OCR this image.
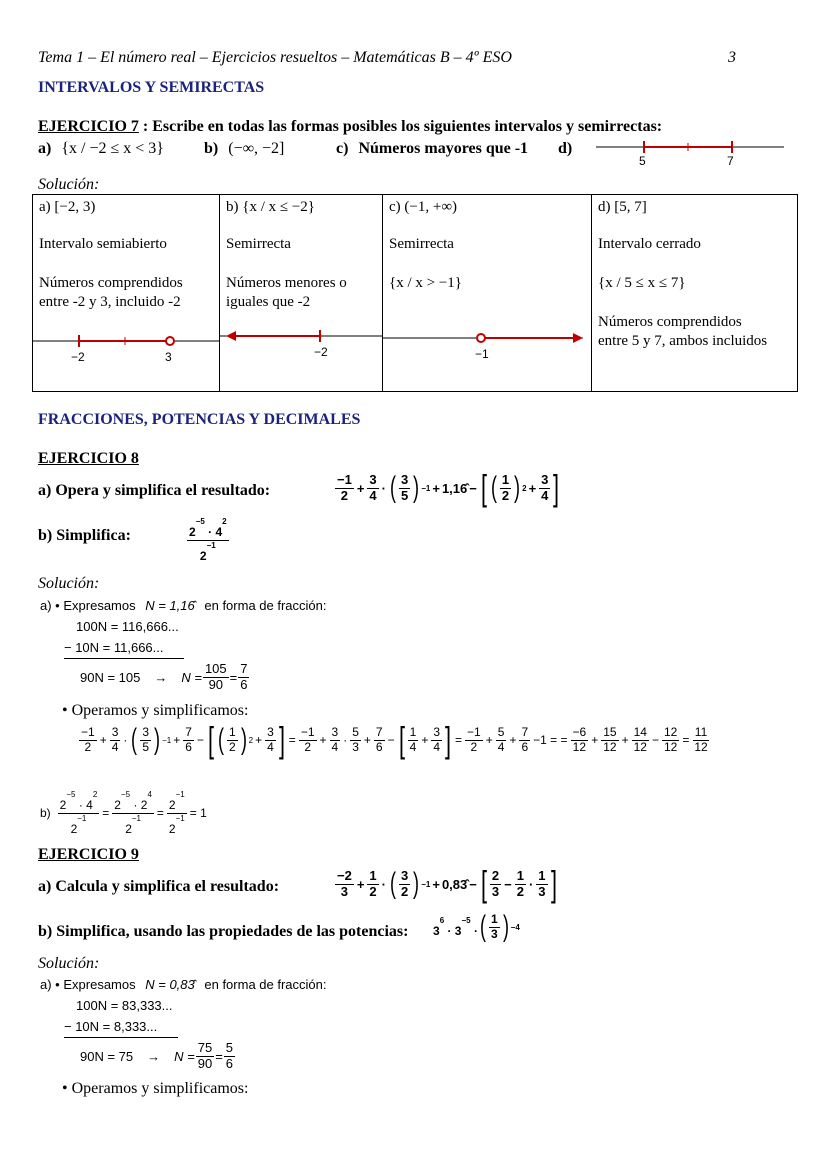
Tema 1 – El número real – Ejercicios resueltos – Matemáticas B – 4º ESO	3
INTERVALOS Y SEMIRECTAS
EJERCICIO 7 : Escribe en todas las formas posibles los siguientes intervalos y semirrectas:
a) {x / −2 ≤ x < 3}	b) (−∞, −2]	c) Números mayores que -1 d)
5	7
Solución:
a) [−2, 3)
Intervalo semiabierto
Números comprendidos
entre -2 y 3, incluido -2
−2	3

b) {x / x ≤ −2}
Semirrecta
Números menores o
iguales que -2
−2

c) (−1, +∞)
Semirrecta
{x / x > −1}
−1

d) [5, 7]
Intervalo cerrado
{x / 5 ≤ x ≤ 7}
Números comprendidos
entre 5 y 7, ambos incluidos
FRACCIONES, POTENCIAS Y DECIMALES
EJERCICIO 8
a) Opera y simplifica el resultado:	$\frac{-1}{2} + \frac{3}{4}$ · ( $\frac{3}{5}$ ) −1 + 1,16̂ − [ ( $\frac{1}{2}$ ) $2 + \frac{3}{4}$ ]
b) Simplifica:	$\frac{2^{-5} \cdot 4^2}{2^{-1}}$
Solución:
a) • Expresamos N = 1,16̂ en forma de fracción:
100N = 116,666...
− 10N = 11,666...
$90N = 105 \to N = \frac{105}{90} = \frac{7}{6}$
• Operamos y simplificamos:
$\frac{-1}{2} + \frac{3}{4}$ · ( $\frac{3}{5}$ ) $-1 + \frac{7}{6}$ − [ ( $\frac{1}{2}$ ) $2 + \frac{3}{4}$ ] = $\frac{-1}{2} + \frac{3}{4} \cdot \frac{5}{3} + \frac{7}{6}$ − [ $\frac{1}{4} + \frac{3}{4}$ ] = $\frac{-1}{2} + \frac{5}{4} + \frac{7}{6} -1$ = = $\frac{-6}{12} + \frac{15}{12} + \frac{14}{12} - \frac{12}{12} = \frac{11}{12}$
$b) \frac{2^{-5} \cdot 4^2}{2^{-1}} = \frac{2^{-5} \cdot 2^4}{2^{-1}} = \frac{2^{-1}}{2^{-1}} = 1$
EJERCICIO 9
a) Calcula y simplifica el resultado:	$\frac{-2}{3} + \frac{1}{2}$ · ( $\frac{3}{2}$ ) −1 + 0,83̂ − [ $\frac{2}{3} - \frac{1}{2} \cdot \frac{1}{3}$ ]
b) Simplifica, usando las propiedades de las potencias: $3^6 \cdot 3^{-5}$ · ( $\frac{1}{3}$ ) −4
Solución:
a) • Expresamos N = 0,83̂ en forma de fracción:
100N = 83,333...
− 10N = 8,333...
$90N = 75 \to N = \frac{75}{90} = \frac{5}{6}$
• Operamos y simplificamos:
